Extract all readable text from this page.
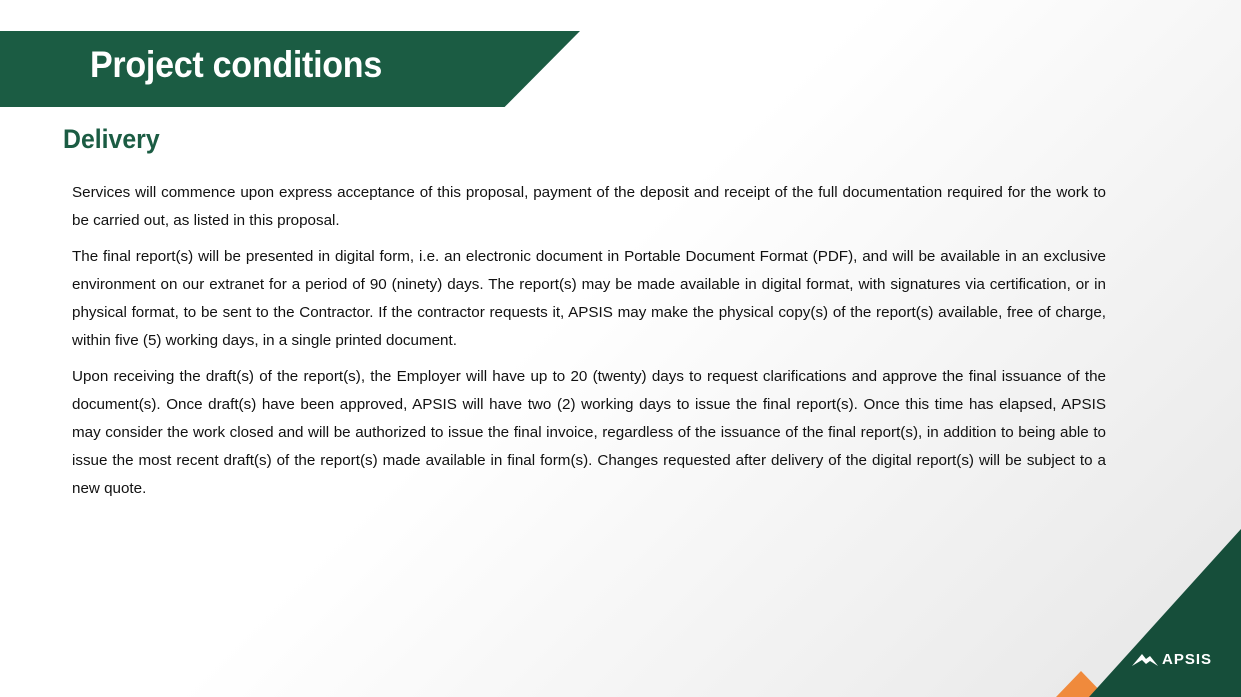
Project conditions
Delivery

Services will commence upon express acceptance of this proposal, payment of the deposit and receipt of the full documentation required for the work to be carried out, as listed in this proposal.

The final report(s) will be presented in digital form, i.e. an electronic document in Portable Document Format (PDF), and will be available in an exclusive environment on our extranet for a period of 90 (ninety) days. The report(s) may be made available in digital format, with signatures via certification, or in physical format, to be sent to the Contractor. If the contractor requests it, APSIS may make the physical copy(s) of the report(s) available, free of charge, within five (5) working days, in a single printed document.

Upon receiving the draft(s) of the report(s), the Employer will have up to 20 (twenty) days to request clarifications and approve the final issuance of the document(s). Once draft(s) have been approved, APSIS will have two (2) working days to issue the final report(s). Once this time has elapsed, APSIS may consider the work closed and will be authorized to issue the final invoice, regardless of the issuance of the final report(s), in addition to being able to issue the most recent draft(s) of the report(s) made available in final form(s). Changes requested after delivery of the digital report(s) will be subject to a new quote.

APSIS
